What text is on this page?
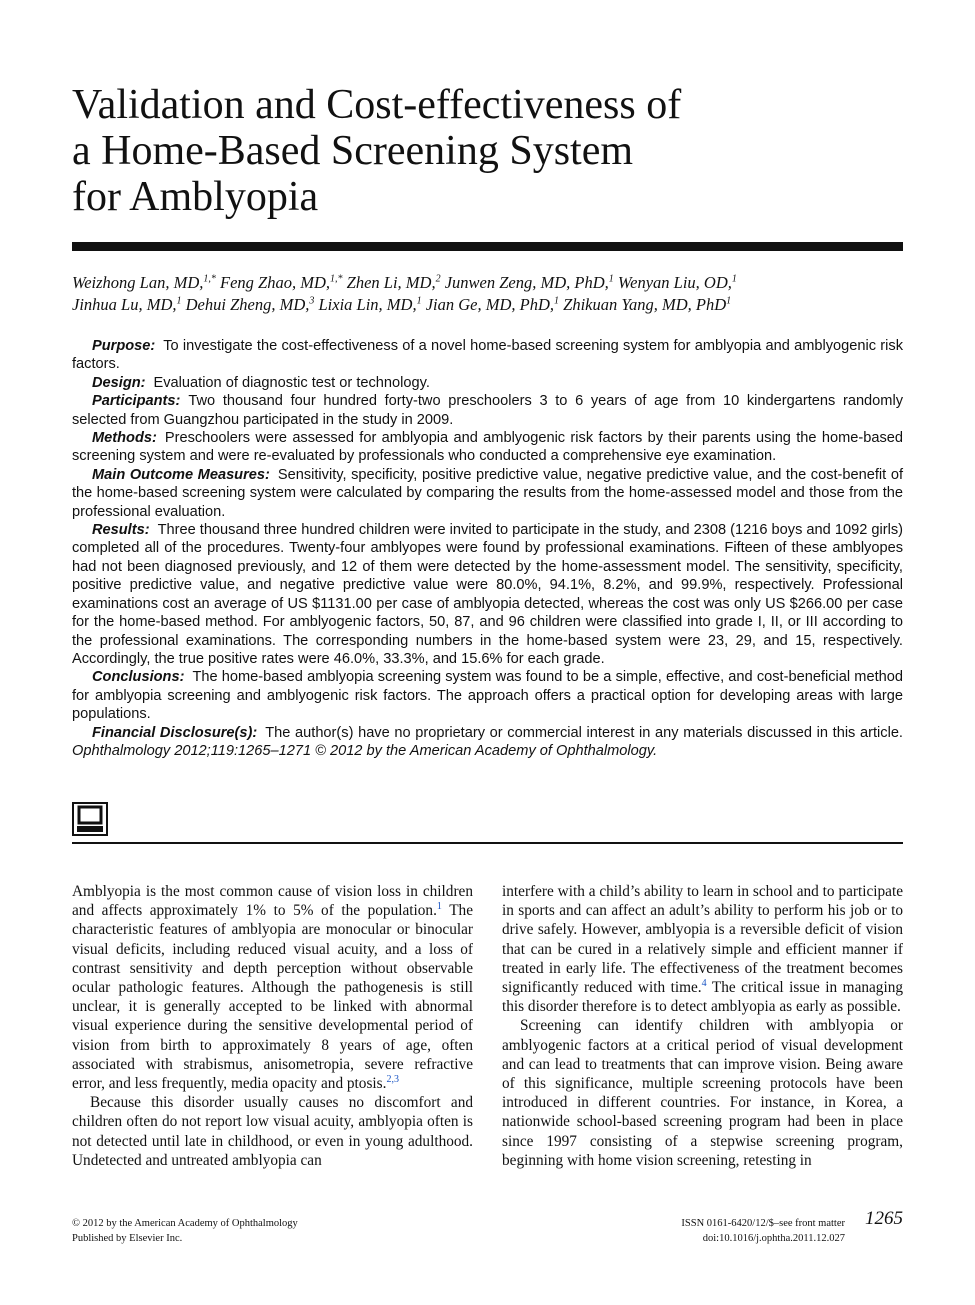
Validation and Cost-effectiveness of
a Home-Based Screening System
for Amblyopia
Weizhong Lan, MD,$^{1,*}$ Feng Zhao, MD,$^{1,*}$ Zhen Li, MD,$^2$ Junwen Zeng, MD, PhD,$^1$ Wenyan Liu, OD,$^1$
Jinhua Lu, MD,$^1$ Dehui Zheng, MD,$^3$ Lixia Lin, MD,$^1$ Jian Ge, MD, PhD,$^1$ Zhikuan Yang, MD, PhD$^1$

Purpose: To investigate the cost-effectiveness of a novel home-based screening system for amblyopia and amblyogenic risk factors.

Design: Evaluation of diagnostic test or technology.

Participants: Two thousand four hundred forty-two preschoolers 3 to 6 years of age from 10 kindergartens randomly selected from Guangzhou participated in the study in 2009.

Methods: Preschoolers were assessed for amblyopia and amblyogenic risk factors by their parents using the home-based screening system and were re-evaluated by professionals who conducted a comprehensive eye examination.

Main Outcome Measures: Sensitivity, specificity, positive predictive value, negative predictive value, and the cost-benefit of the home-based screening system were calculated by comparing the results from the home-assessed model and those from the professional evaluation.

Results: Three thousand three hundred children were invited to participate in the study, and 2308 (1216 boys and 1092 girls) completed all of the procedures. Twenty-four amblyopes were found by professional examinations. Fifteen of these amblyopes had not been diagnosed previously, and 12 of them were detected by the home-assessment model. The sensitivity, specificity, positive predictive value, and negative predictive value were 80.0%, 94.1%, 8.2%, and 99.9%, respectively. Professional examinations cost an average of US $1131.00 per case of amblyopia detected, whereas the cost was only US $266.00 per case for the home-based method. For amblyogenic factors, 50, 87, and 96 children were classified into grade I, II, or III according to the professional examinations. The corresponding numbers in the home-based system were 23, 29, and 15, respectively. Accordingly, the true positive rates were 46.0%, 33.3%, and 15.6% for each grade.

Conclusions: The home-based amblyopia screening system was found to be a simple, effective, and cost-beneficial method for amblyopia screening and amblyogenic risk factors. The approach offers a practical option for developing areas with large populations.

Financial Disclosure(s): The author(s) have no proprietary or commercial interest in any materials discussed in this article. Ophthalmology 2012;119:1265–1271 © 2012 by the American Academy of Ophthalmology.

Amblyopia is the most common cause of vision loss in children and affects approximately 1% to 5% of the population.$^1$ The characteristic features of amblyopia are monocular or binocular visual deficits, including reduced visual acuity, and a loss of contrast sensitivity and depth perception without observable ocular pathologic features. Although the pathogenesis is still unclear, it is generally accepted to be linked with abnormal visual experience during the sensitive developmental period of vision from birth to approximately 8 years of age, often associated with strabismus, anisometropia, severe refractive error, and less frequently, media opacity and ptosis.$^{2,3}$

Because this disorder usually causes no discomfort and children often do not report low visual acuity, amblyopia often is not detected until late in childhood, or even in young adulthood. Undetected and untreated amblyopia can

interfere with a child’s ability to learn in school and to participate in sports and can affect an adult’s ability to perform his job or to drive safely. However, amblyopia is a reversible deficit of vision that can be cured in a relatively simple and efficient manner if treated in early life. The effectiveness of the treatment becomes significantly reduced with time.$^4$ The critical issue in managing this disorder therefore is to detect amblyopia as early as possible.

Screening can identify children with amblyopia or amblyogenic factors at a critical period of visual development and can lead to treatments that can improve vision. Being aware of this significance, multiple screening protocols have been introduced in different countries. For instance, in Korea, a nationwide school-based screening program had been in place since 1997 consisting of a stepwise screening program, beginning with home vision screening, retesting in

© 2012 by the American Academy of Ophthalmology
Published by Elsevier Inc.
ISSN 0161-6420/12/$–see front matter
doi:10.1016/j.ophtha.2011.12.027
1265
